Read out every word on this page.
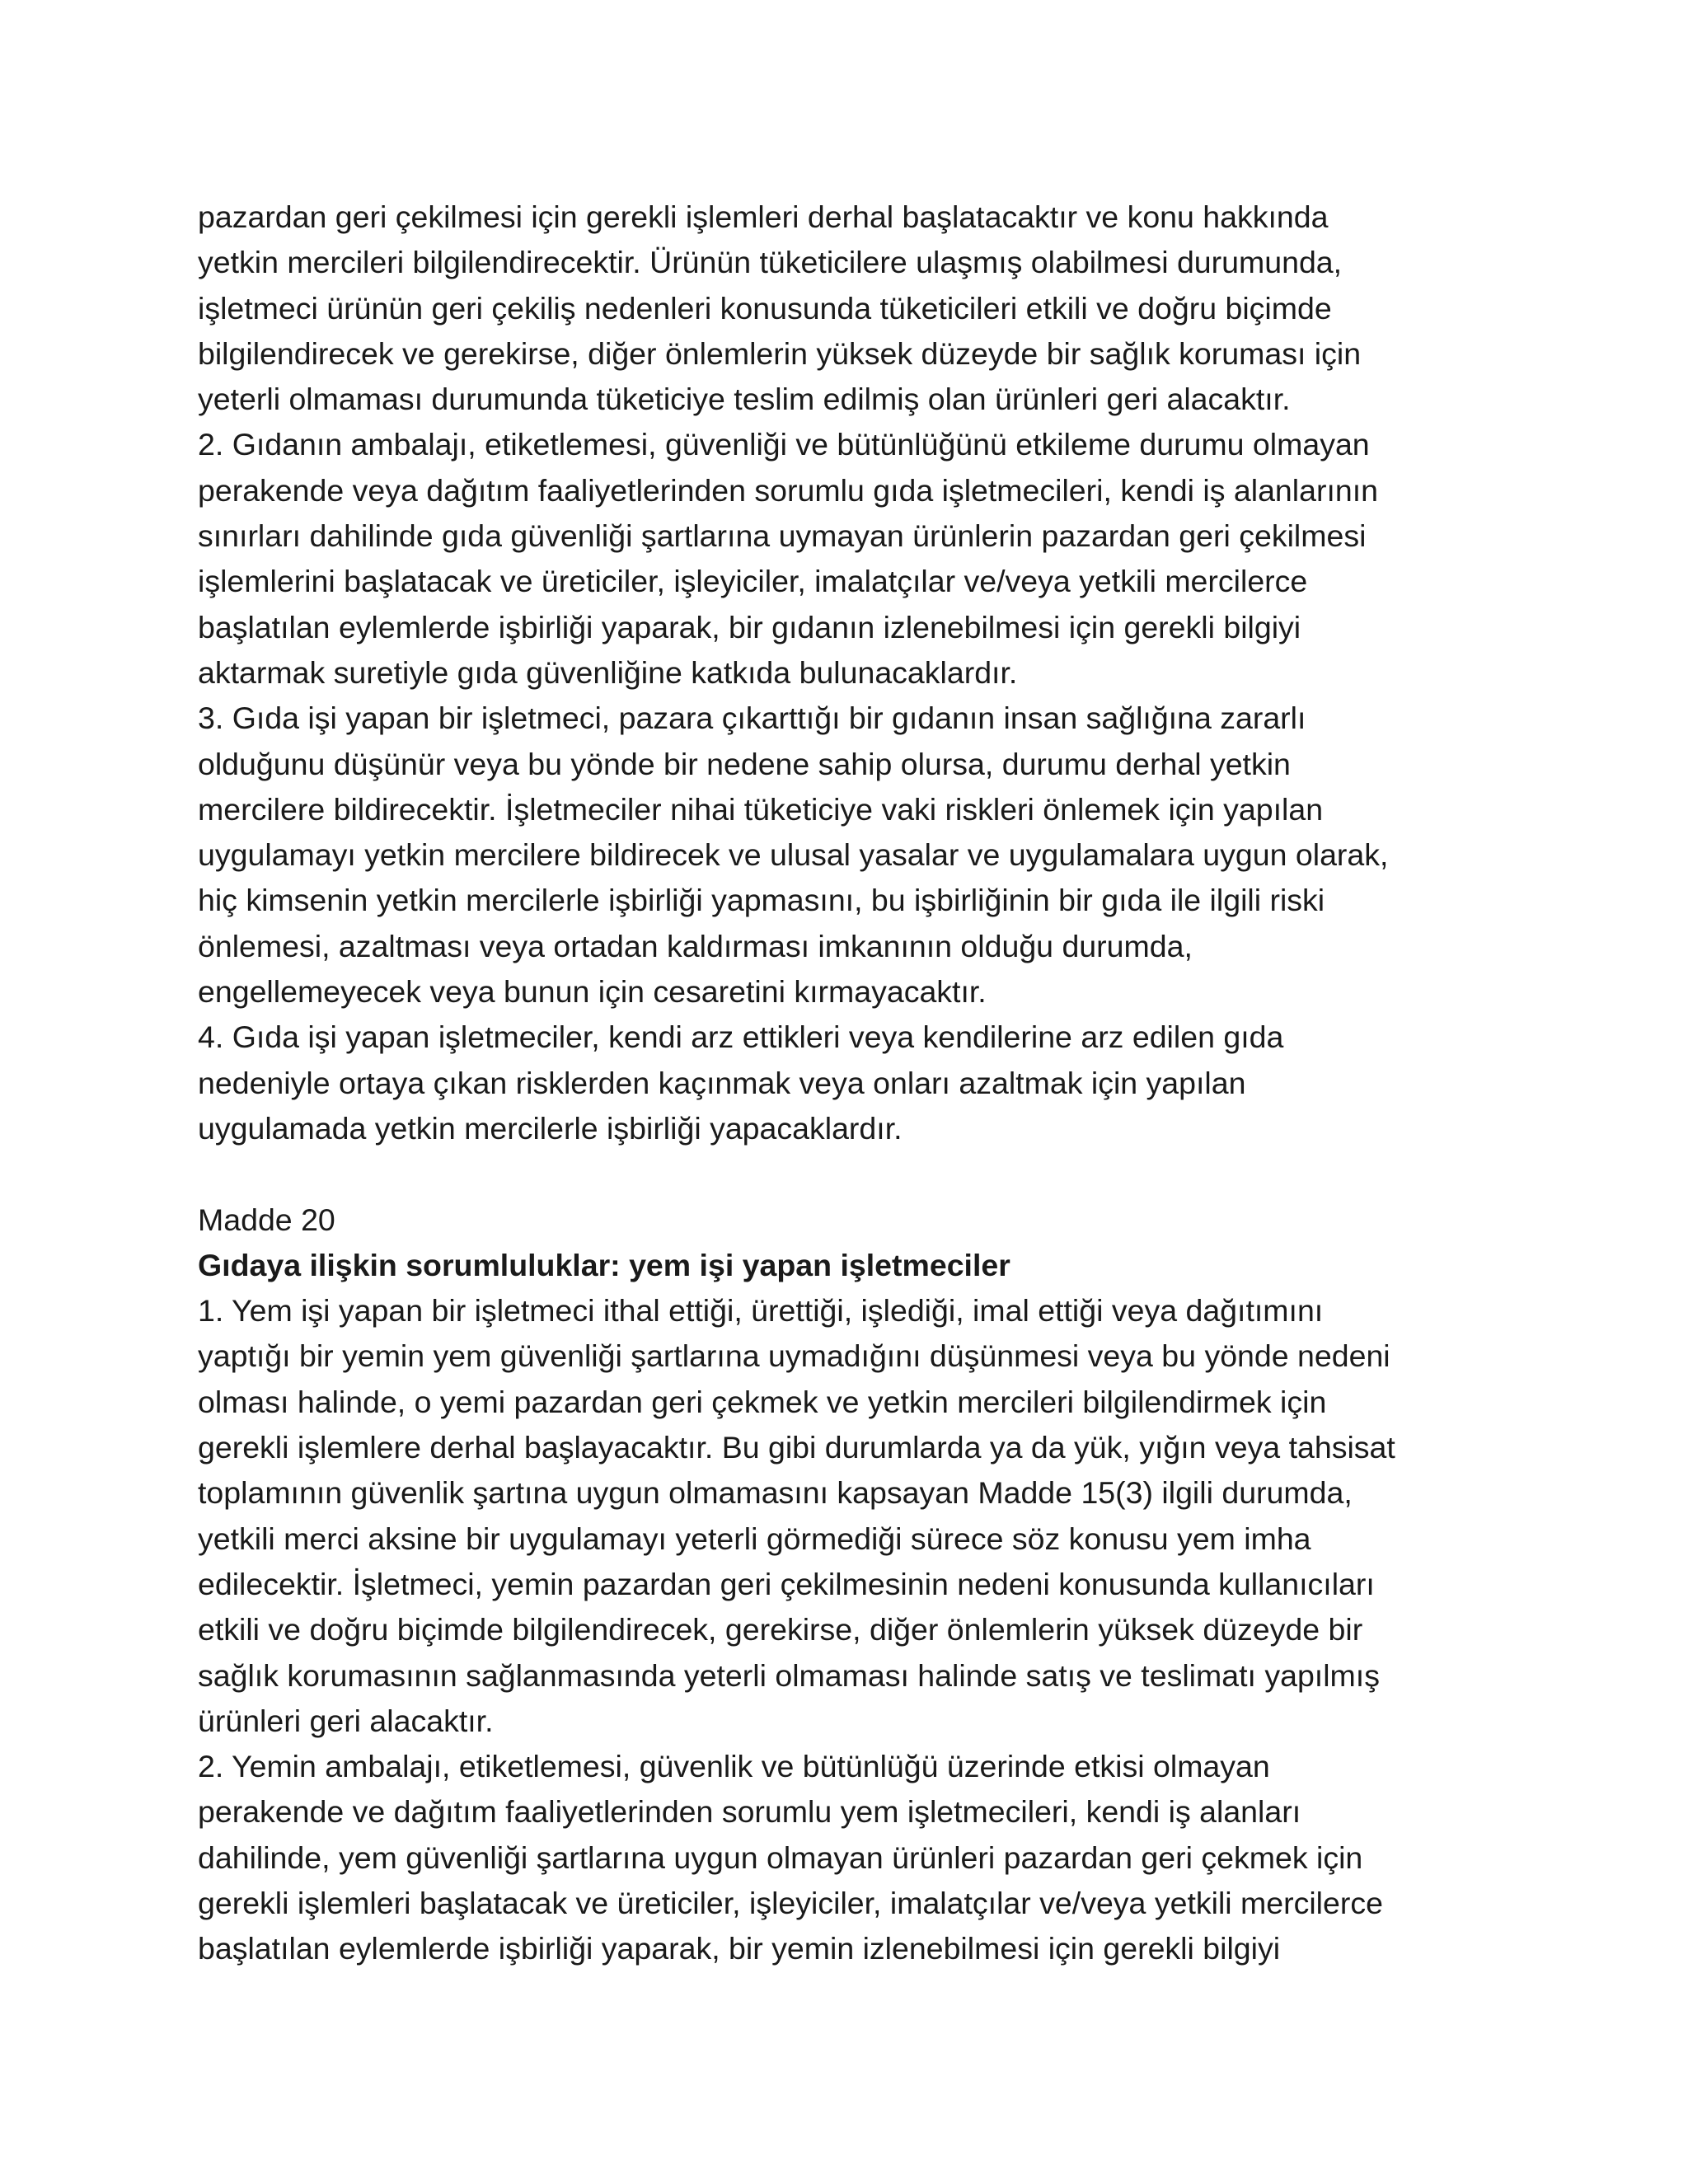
pazardan geri çekilmesi için gerekli işlemleri derhal başlatacaktır ve konu hakkında
yetkin mercileri bilgilendirecektir. Ürünün tüketicilere ulaşmış olabilmesi durumunda,
işletmeci ürünün geri çekiliş nedenleri konusunda tüketicileri etkili ve doğru biçimde
bilgilendirecek ve gerekirse, diğer önlemlerin yüksek düzeyde bir sağlık koruması için
yeterli olmaması durumunda tüketiciye teslim edilmiş olan ürünleri geri alacaktır.
2. Gıdanın ambalajı, etiketlemesi, güvenliği ve bütünlüğünü etkileme durumu olmayan
perakende veya dağıtım faaliyetlerinden sorumlu gıda işletmecileri, kendi iş alanlarının
sınırları dahilinde gıda güvenliği şartlarına uymayan ürünlerin pazardan geri çekilmesi
işlemlerini başlatacak ve üreticiler, işleyiciler, imalatçılar ve/veya yetkili mercilerce
başlatılan eylemlerde işbirliği yaparak, bir gıdanın izlenebilmesi için gerekli bilgiyi
aktarmak suretiyle gıda güvenliğine katkıda bulunacaklardır.
3. Gıda işi yapan bir işletmeci, pazara çıkarttığı bir gıdanın insan sağlığına zararlı
olduğunu düşünür veya bu yönde bir nedene sahip olursa, durumu derhal yetkin
mercilere bildirecektir. İşletmeciler nihai tüketiciye vaki riskleri önlemek için yapılan
uygulamayı yetkin mercilere bildirecek ve ulusal yasalar ve uygulamalara uygun olarak,
hiç kimsenin yetkin mercilerle işbirliği yapmasını, bu işbirliğinin bir gıda ile ilgili riski
önlemesi, azaltması veya ortadan kaldırması imkanının olduğu durumda,
engellemeyecek veya bunun için cesaretini kırmayacaktır.
4. Gıda işi yapan işletmeciler, kendi arz ettikleri veya kendilerine arz edilen gıda
nedeniyle ortaya çıkan risklerden kaçınmak veya onları azaltmak için yapılan
uygulamada yetkin mercilerle işbirliği yapacaklardır.
Madde 20
Gıdaya ilişkin sorumluluklar: yem işi yapan işletmeciler
1. Yem işi yapan bir işletmeci ithal ettiği, ürettiği, işlediği, imal ettiği veya dağıtımını
yaptığı bir yemin yem güvenliği şartlarına uymadığını düşünmesi veya bu yönde nedeni
olması halinde, o yemi pazardan geri çekmek ve yetkin mercileri bilgilendirmek için
gerekli işlemlere derhal başlayacaktır. Bu gibi durumlarda ya da yük, yığın veya tahsisat
toplamının güvenlik şartına uygun olmamasını kapsayan Madde 15(3) ilgili durumda,
yetkili merci aksine bir uygulamayı yeterli görmediği sürece söz konusu yem imha
edilecektir. İşletmeci, yemin pazardan geri çekilmesinin nedeni konusunda kullanıcıları
etkili ve doğru biçimde bilgilendirecek, gerekirse, diğer önlemlerin yüksek düzeyde bir
sağlık korumasının sağlanmasında yeterli olmaması halinde satış ve teslimatı yapılmış
ürünleri geri alacaktır.
2. Yemin ambalajı, etiketlemesi, güvenlik ve bütünlüğü üzerinde etkisi olmayan
perakende ve dağıtım faaliyetlerinden sorumlu yem işletmecileri, kendi iş alanları
dahilinde, yem güvenliği şartlarına uygun olmayan ürünleri pazardan geri çekmek için
gerekli işlemleri başlatacak ve üreticiler, işleyiciler, imalatçılar ve/veya yetkili mercilerce
başlatılan eylemlerde işbirliği yaparak, bir yemin izlenebilmesi için gerekli bilgiyi
